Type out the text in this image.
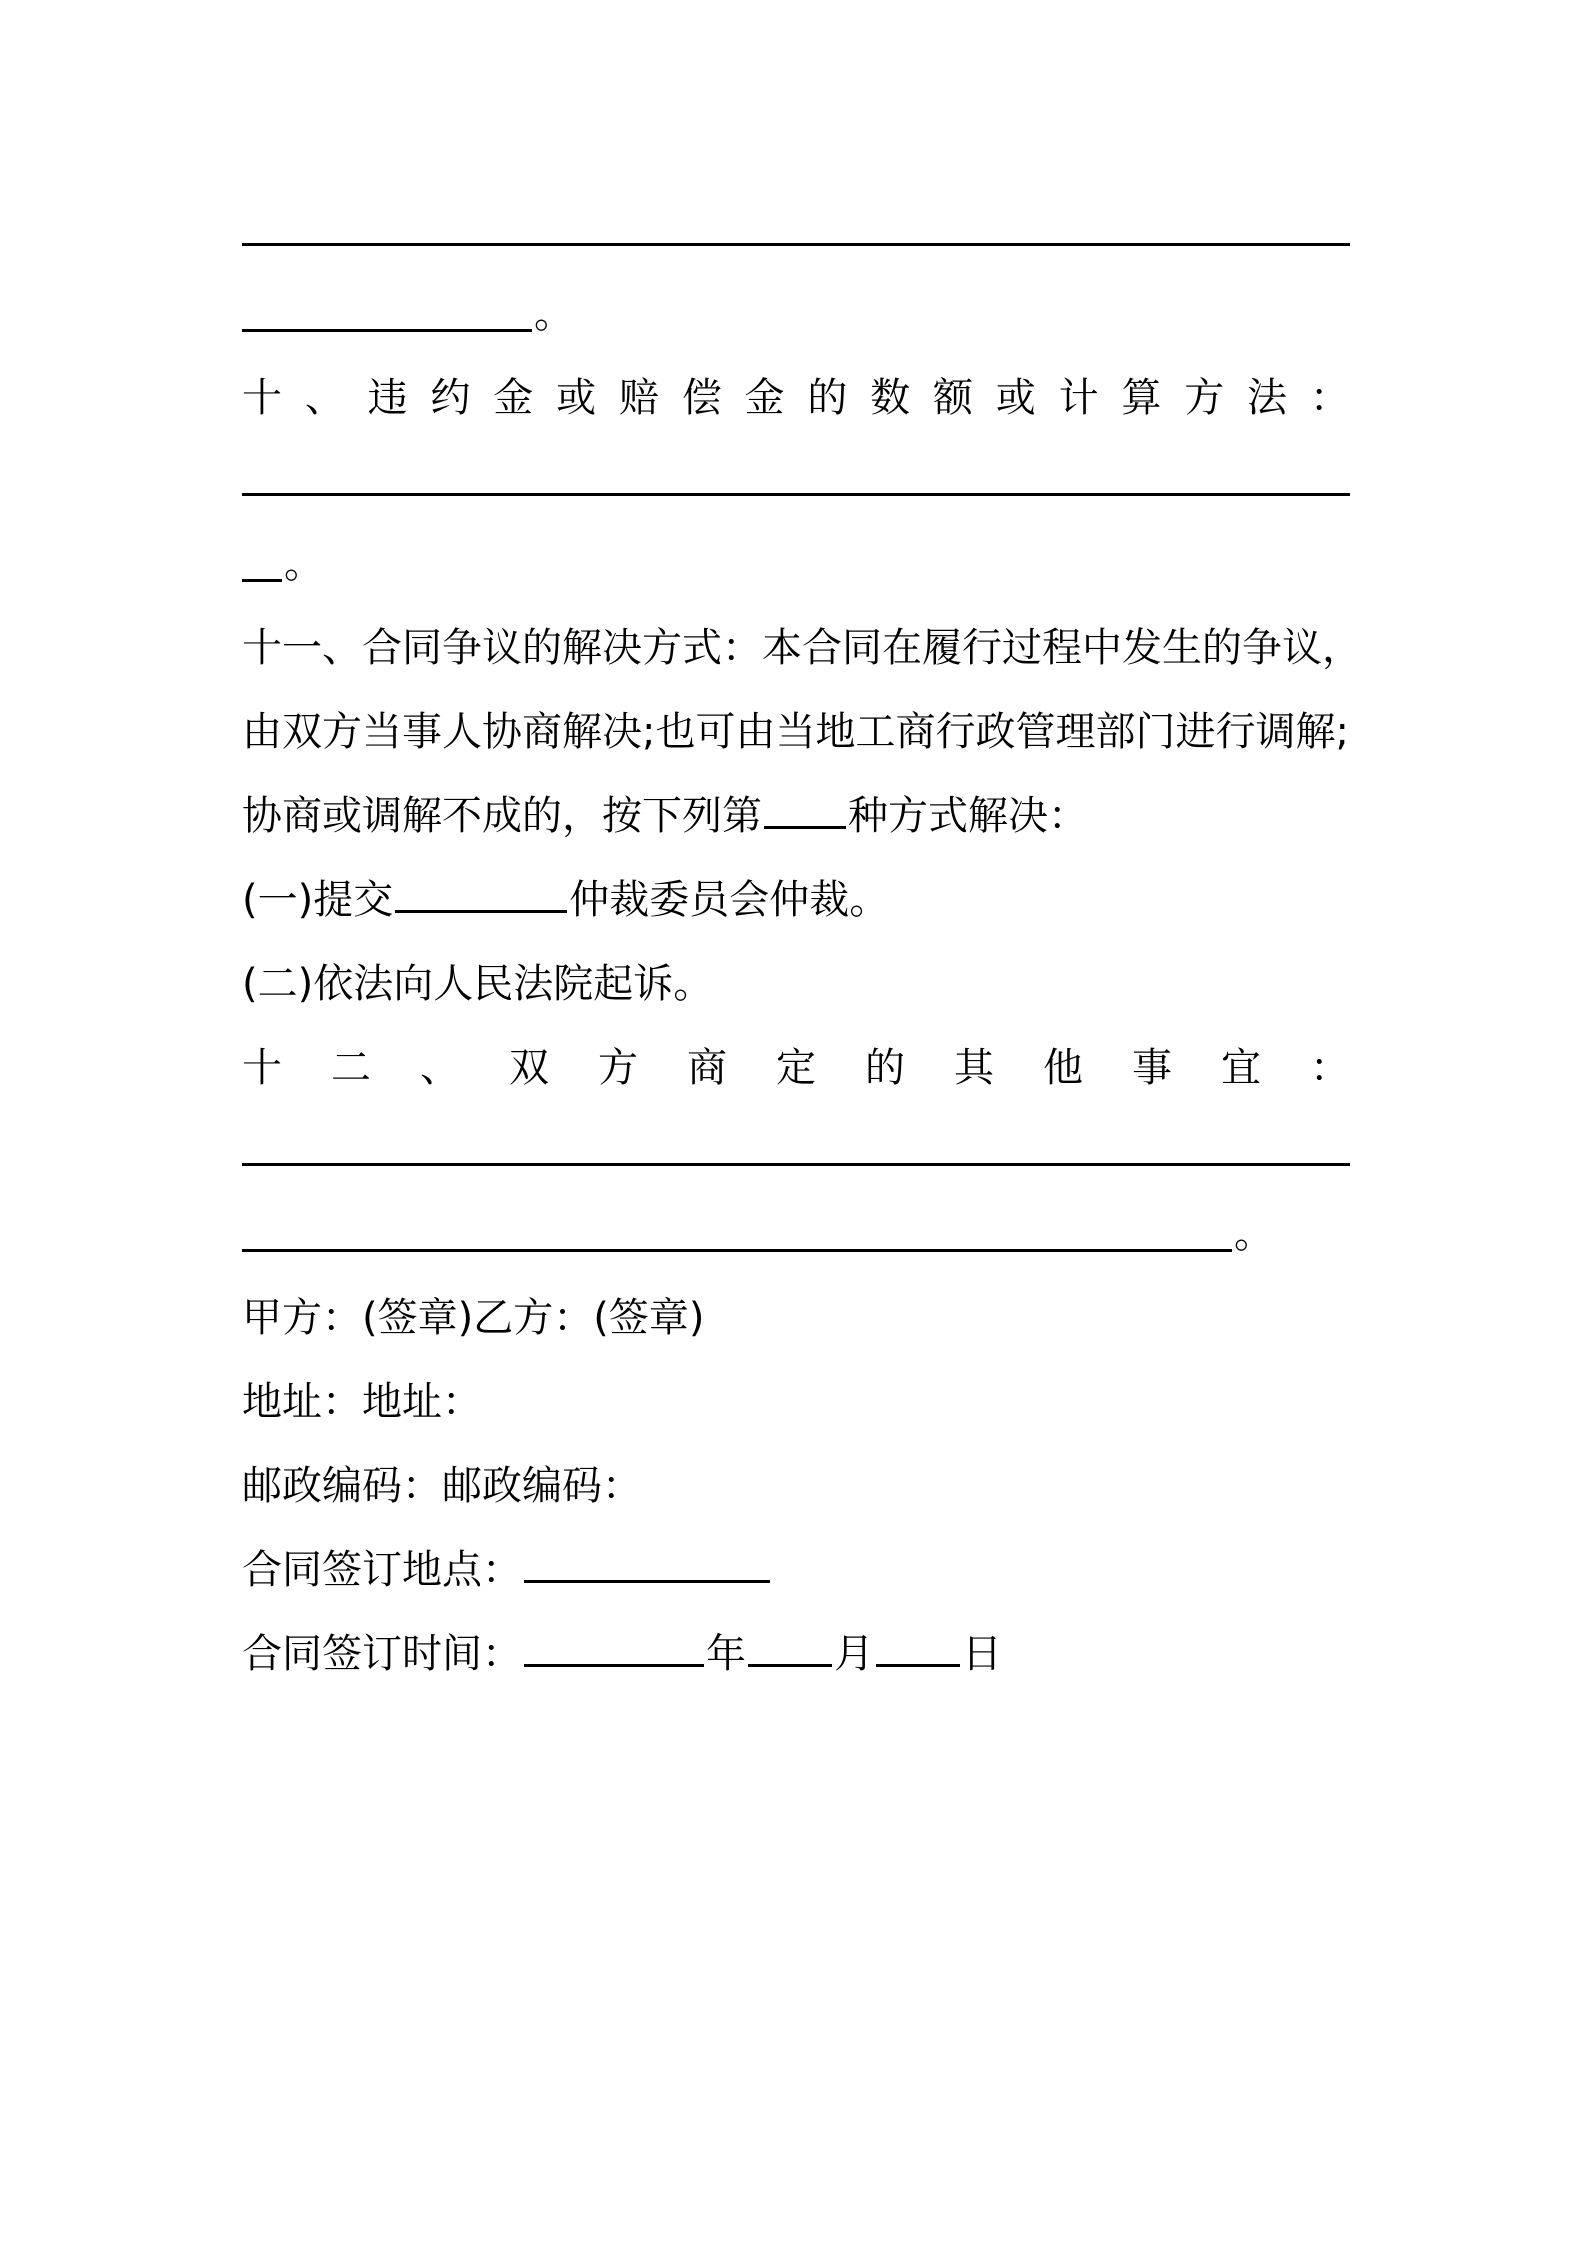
。
十 、 违 约 金 或 赔 偿 金 的 数 额 或 计 算 方 法 ：
。
十一、合同争议的解决方式：本合同在履行过程中发生的争议，
由双方当事人协商解决;也可由当地工商行政管理部门进行调解;
协商或调解不成的，按下列第 种方式解决：
(一)提交	仲裁委员会仲裁。
(二)依法向人民法院起诉。
十 二 、 双 方 商 定 的 其 他 事 宜 ：
。
甲方：(签章)乙方：(签章)
地址：地址：
邮政编码：邮政编码：
合同签订地点：
合同签订时间：	年 月 日
